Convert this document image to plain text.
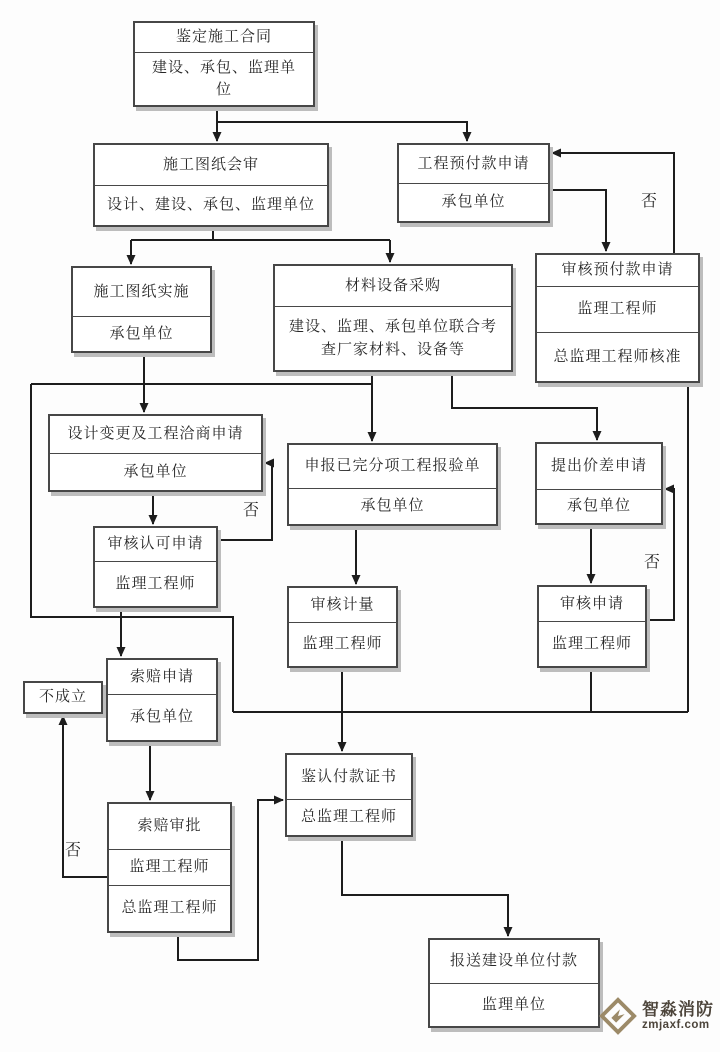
鉴定施工合同
建设、承包、监理单位
施工图纸会审
设计、建设、承包、监理单位
工程预付款申请
承包单位
施工图纸实施
承包单位
材料设备采购
建设、监理、承包单位联合考查厂家材料、设备等
审核预付款申请
监理工程师
总监理工程师核准
设计变更及工程洽商申请
承包单位
审核认可申请
监理工程师
申报已完分项工程报验单
承包单位
提出价差申请
承包单位
审核计量
监理工程师
审核申请
监理工程师
索赔申请
承包单位
不成立
索赔审批
监理工程师
总监理工程师
鉴认付款证书
总监理工程师
报送建设单位付款
监理单位
否
否
否
否
智淼消防
zmjaxf.com
